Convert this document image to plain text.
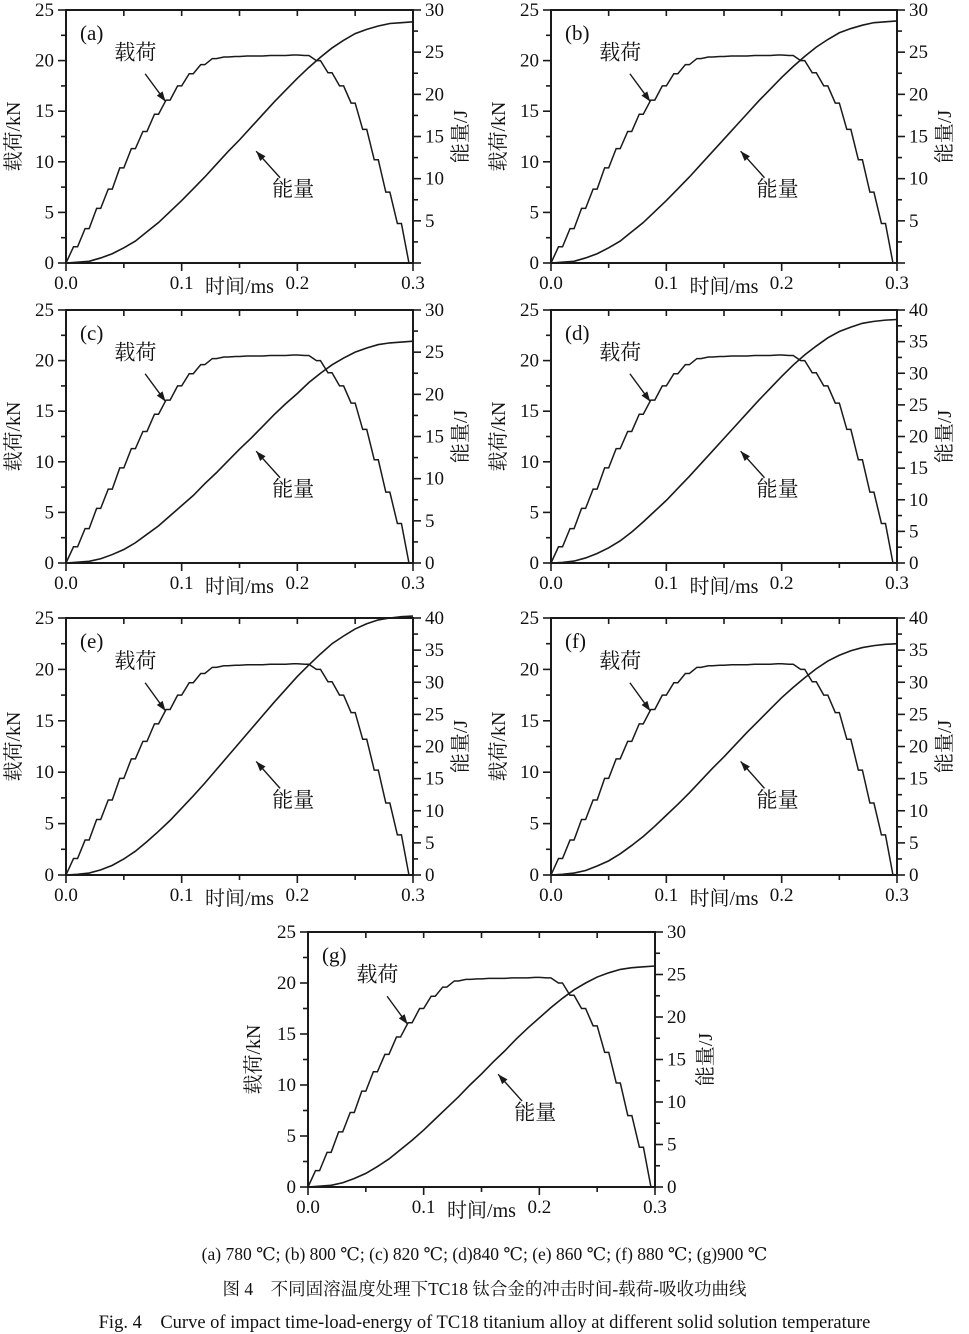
0.0	0.1	0.2	0.3
时间/ms
0
5
10
15
20
25
载荷/kN
5
10
15
20
25
30
能量/J
(a)
载荷
能量
0.0	0.1	0.2	0.3
时间/ms
0
5
10
15
20
25
载荷/kN
5
10
15
20
25
30
能量/J
(b)
载荷
能量
0.0	0.1	0.2	0.3
时间/ms
0
5
10
15
20
25
载荷/kN
0
5
10
15
20
25
30
能量/J
(c)
载荷
能量
0.0	0.1	0.2	0.3
时间/ms
0
5
10
15
20
25
载荷/kN
0
5
10
15
20
25
30
35
40
能量/J
(d)
载荷
能量
0.0	0.1	0.2	0.3
时间/ms
0
5
10
15
20
25
载荷/kN
0
5
10
15
20
25
30
35
40
能量/J
(e)
载荷
能量
0.0	0.1	0.2	0.3
时间/ms
0
5
10
15
20
25
载荷/kN
0
5
10
15
20
25
30
35
40
能量/J
(f)
载荷
能量
0.0	0.1	0.2	0.3
时间/ms
0
5
10
15
20
25
载荷/kN
0
5
10
15
20
25
30
能量/J
(g)
载荷
能量
(a) 780 ℃; (b) 800 ℃; (c) 820 ℃; (d)840 ℃; (e) 860 ℃; (f) 880 ℃; (g)900 ℃
图 4　不同固溶温度处理下TC18 钛合金的冲击时间-载荷-吸收功曲线
Fig. 4　Curve of impact time-load-energy of TC18 titanium alloy at different solid solution temperature
